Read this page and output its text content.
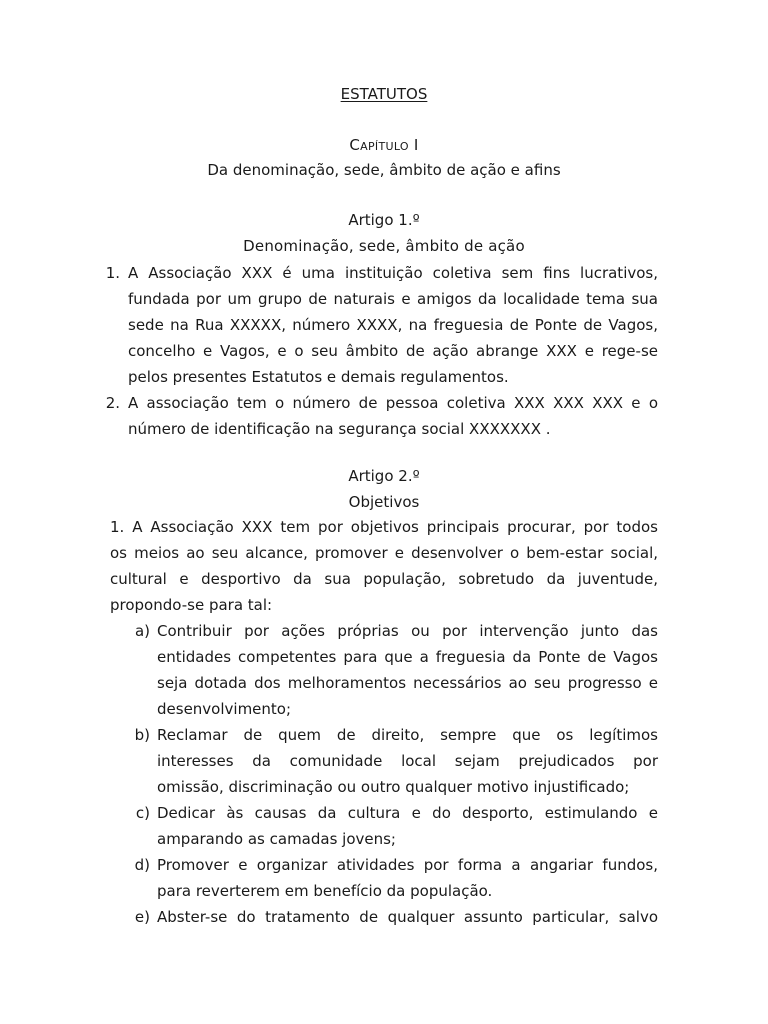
ESTATUTOS
Capítulo I
Da denominação, sede, âmbito de ação e afins
Artigo 1.º
Denominação, sede, âmbito de ação
1. A Associação XXX é uma instituição coletiva sem fins lucrativos,
fundada por um grupo de naturais e amigos da localidade tema sua
sede na Rua XXXXX, número XXXX, na freguesia de Ponte de Vagos,
concelho e Vagos, e o seu âmbito de ação abrange XXX e rege-se
pelos presentes Estatutos e demais regulamentos.
2. A associação tem o número de pessoa coletiva XXX XXX XXX e o
número de identificação na segurança social XXXXXXX .
Artigo 2.º
Objetivos
1. A Associação XXX tem por objetivos principais procurar, por todos
os meios ao seu alcance, promover e desenvolver o bem-estar social,
cultural e desportivo da sua população, sobretudo da juventude,
propondo-se para tal:
a) Contribuir por ações próprias ou por intervenção junto das
entidades competentes para que a freguesia da Ponte de Vagos
seja dotada dos melhoramentos necessários ao seu progresso e
desenvolvimento;
b) Reclamar de quem de direito, sempre que os legítimos
interesses da comunidade local sejam prejudicados por
omissão, discriminação ou outro qualquer motivo injustificado;
c) Dedicar às causas da cultura e do desporto, estimulando e
amparando as camadas jovens;
d) Promover e organizar atividades por forma a angariar fundos,
para reverterem em benefício da população.
e) Abster-se do tratamento de qualquer assunto particular, salvo
